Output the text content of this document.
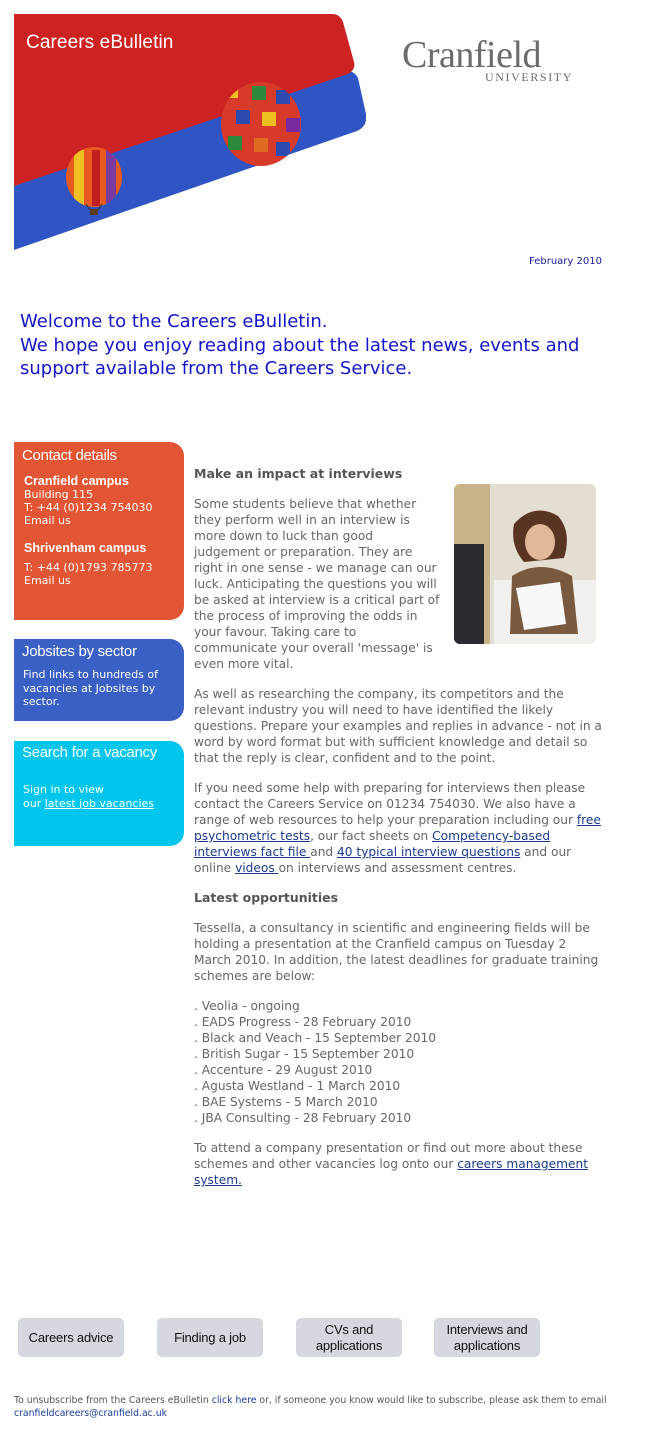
Careers eBulletin	Cranfield
UNIVERSITY
February 2010
Welcome to the Careers eBulletin.
We hope you enjoy reading about the latest news, events and support available from the Careers Service.
Contact details
Cranfield campus
Building 115
T: +44 (0)1234 754030
Email us
Shrivenham campus
T: +44 (0)1793 785773
Email us
Jobsites by sector

Find links to hundreds of vacancies at Jobsites by sector.

Search for a vacancy

Sign in to view
our latest job vacancies

Make an impact at interviews

Some students believe that whether they perform well in an interview is more down to luck than good judgement or preparation. They are right in one sense - we manage can our luck. Anticipating the questions you will be asked at interview is a critical part of the process of improving the odds in your favour. Taking care to communicate your overall 'message' is even more vital.

As well as researching the company, its competitors and the relevant industry you will need to have identified the likely questions. Prepare your examples and replies in advance - not in a word by word format but with sufficient knowledge and detail so that the reply is clear, confident and to the point.

If you need some help with preparing for interviews then please contact the Careers Service on 01234 754030. We also have a range of web resources to help your preparation including our free psychometric tests, our fact sheets on Competency-based interviews fact file and 40 typical interview questions and our online videos on interviews and assessment centres.

Latest opportunities

Tessella, a consultancy in scientific and engineering fields will be holding a presentation at the Cranfield campus on Tuesday 2 March 2010. In addition, the latest deadlines for graduate training schemes are below:

. Veolia - ongoing
. EADS Progress - 28 February 2010
. Black and Veach - 15 September 2010
. British Sugar - 15 September 2010
. Accenture - 29 August 2010
. Agusta Westland - 1 March 2010
. BAE Systems - 5 March 2010
. JBA Consulting - 28 February 2010

To attend a company presentation or find out more about these schemes and other vacancies log onto our careers management system.

Careers advice	Finding a job
CVs and
applications
Interviews and
applications
To unsubscribe from the Careers eBulletin click here or, if someone you know would like to subscribe, please ask them to email
cranfieldcareers@cranfield.ac.uk
